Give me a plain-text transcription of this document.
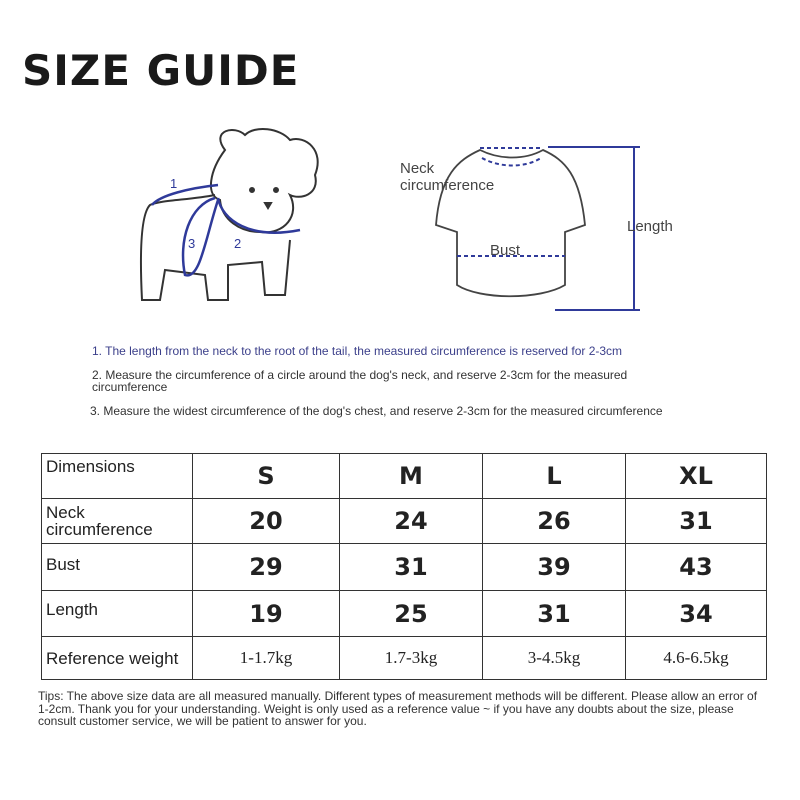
SIZE GUIDE
1
2
3
Neck circumference
Bust
Length
1. The length from the neck to the root of the tail, the measured circumference is reserved for 2-3cm
2. Measure the circumference of a circle around the dog's neck, and reserve 2-3cm for the measured circumference
3. Measure the widest circumference of the dog's chest, and reserve 2-3cm for the measured circumference
Dimensions	S	M	L	XL
Neck circumference	20	24	26	31
Bust	29	31	39	43
Length	19	25	31	34
Reference weight	1-1.7kg	1.7-3kg	3-4.5kg	4.6-6.5kg
Tips: The above size data are all measured manually. Different types of measurement methods will be different. Please allow an error of 1-2cm. Thank you for your understanding. Weight is only used as a reference value ~ if you have any doubts about the size, please consult customer service, we will be patient to answer for you.
